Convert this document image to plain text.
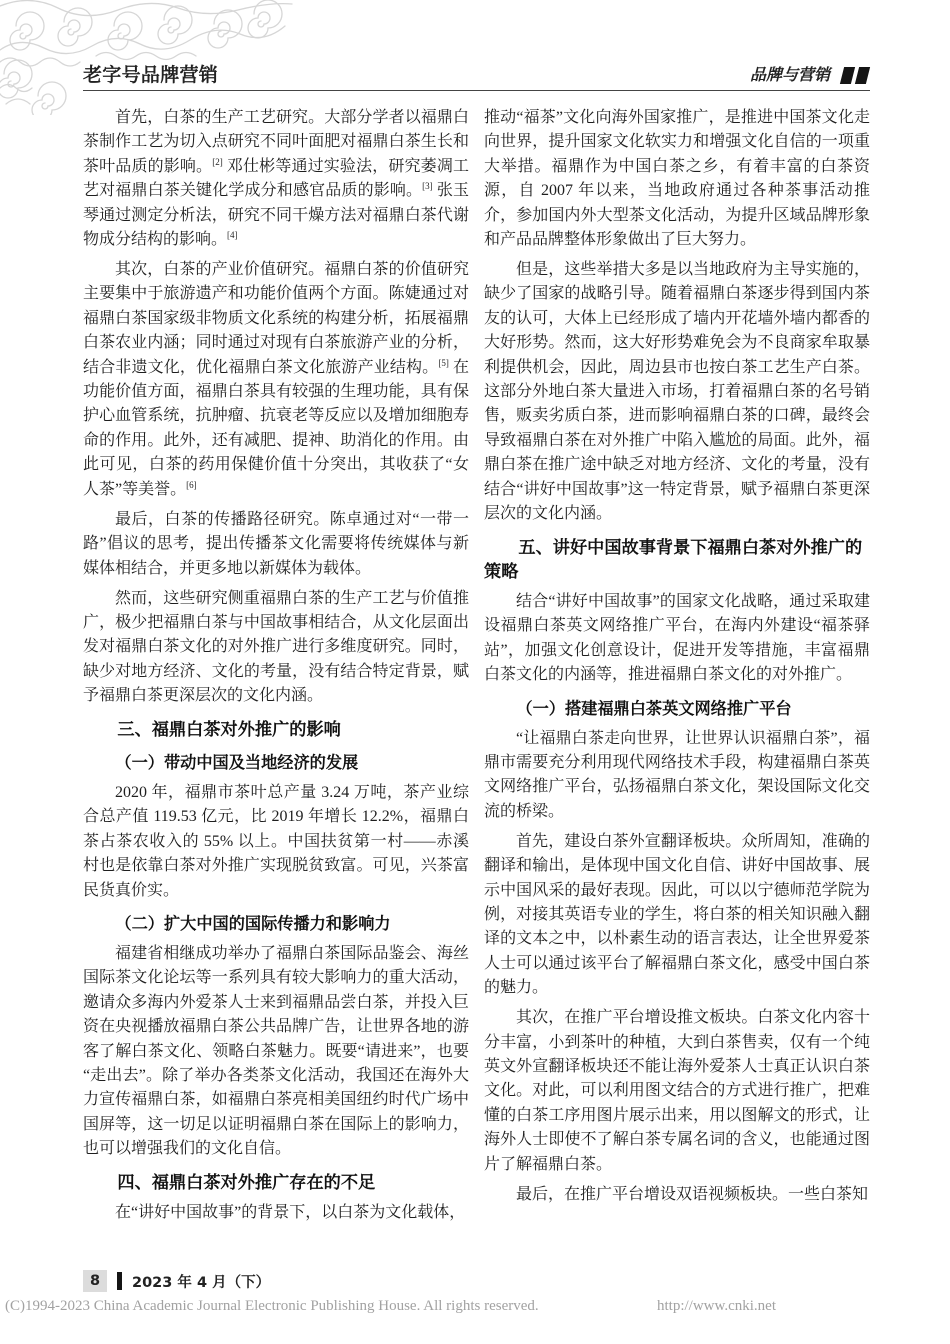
老字号品牌营销	品牌与营销

首先，白茶的生产工艺研究。大部分学者以福鼎白茶制作工艺为切入点研究不同叶面肥对福鼎白茶生长和茶叶品质的影响。[2] 邓仕彬等通过实验法，研究萎凋工艺对福鼎白茶关键化学成分和感官品质的影响。[3] 张玉琴通过测定分析法，研究不同干燥方法对福鼎白茶代谢物成分结构的影响。[4]

其次，白茶的产业价值研究。福鼎白茶的价值研究主要集中于旅游遗产和功能价值两个方面。陈婕通过对福鼎白茶国家级非物质文化系统的构建分析，拓展福鼎白茶农业内涵；同时通过对现有白茶旅游产业的分析，结合非遗文化，优化福鼎白茶文化旅游产业结构。[5] 在功能价值方面，福鼎白茶具有较强的生理功能，具有保护心血管系统，抗肿瘤、抗衰老等反应以及增加细胞寿命的作用。此外，还有减肥、提神、助消化的作用。由此可见，白茶的药用保健价值十分突出，其收获了“女人茶”等美誉。[6]

最后，白茶的传播路径研究。陈卓通过对“一带一路”倡议的思考，提出传播茶文化需要将传统媒体与新媒体相结合，并更多地以新媒体为载体。

然而，这些研究侧重福鼎白茶的生产工艺与价值推广，极少把福鼎白茶与中国故事相结合，从文化层面出发对福鼎白茶文化的对外推广进行多维度研究。同时，缺少对地方经济、文化的考量，没有结合特定背景，赋予福鼎白茶更深层次的文化内涵。

三、福鼎白茶对外推广的影响
（一）带动中国及当地经济的发展

2020 年，福鼎市茶叶总产量 3.24 万吨，茶产业综合总产值 119.53 亿元，比 2019 年增长 12.2%，福鼎白茶占茶农收入的 55% 以上。中国扶贫第一村——赤溪村也是依靠白茶对外推广实现脱贫致富。可见，兴茶富民货真价实。

（二）扩大中国的国际传播力和影响力

福建省相继成功举办了福鼎白茶国际品鉴会、海丝国际茶文化论坛等一系列具有较大影响力的重大活动，邀请众多海内外爱茶人士来到福鼎品尝白茶，并投入巨资在央视播放福鼎白茶公共品牌广告，让世界各地的游客了解白茶文化、领略白茶魅力。既要“请进来”，也要“走出去”。除了举办各类茶文化活动，我国还在海外大力宣传福鼎白茶，如福鼎白茶亮相美国纽约时代广场中国屏等，这一切足以证明福鼎白茶在国际上的影响力，也可以增强我们的文化自信。

四、福鼎白茶对外推广存在的不足

在“讲好中国故事”的背景下，以白茶为文化载体，

推动“福茶”文化向海外国家推广，是推进中国茶文化走向世界，提升国家文化软实力和增强文化自信的一项重大举措。福鼎作为中国白茶之乡，有着丰富的白茶资源，自 2007 年以来，当地政府通过各种茶事活动推介，参加国内外大型茶文化活动，为提升区域品牌形象和产品品牌整体形象做出了巨大努力。

但是，这些举措大多是以当地政府为主导实施的，缺少了国家的战略引导。随着福鼎白茶逐步得到国内茶友的认可，大体上已经形成了墙内开花墙外墙内都香的大好形势。然而，这大好形势难免会为不良商家牟取暴利提供机会，因此，周边县市也按白茶工艺生产白茶。这部分外地白茶大量进入市场，打着福鼎白茶的名号销售，贩卖劣质白茶，进而影响福鼎白茶的口碑，最终会导致福鼎白茶在对外推广中陷入尴尬的局面。此外，福鼎白茶在推广途中缺乏对地方经济、文化的考量，没有结合“讲好中国故事”这一特定背景，赋予福鼎白茶更深层次的文化内涵。

五、讲好中国故事背景下福鼎白茶对外推广的策略

结合“讲好中国故事”的国家文化战略，通过采取建设福鼎白茶英文网络推广平台，在海内外建设“福茶驿站”，加强文化创意设计，促进开发等措施，丰富福鼎白茶文化的内涵等，推进福鼎白茶文化的对外推广。

（一）搭建福鼎白茶英文网络推广平台

“让福鼎白茶走向世界，让世界认识福鼎白茶”，福鼎市需要充分利用现代网络技术手段，构建福鼎白茶英文网络推广平台，弘扬福鼎白茶文化，架设国际文化交流的桥梁。

首先，建设白茶外宣翻译板块。众所周知，准确的翻译和输出，是体现中国文化自信、讲好中国故事、展示中国风采的最好表现。因此，可以以宁德师范学院为例，对接其英语专业的学生，将白茶的相关知识融入翻译的文本之中，以朴素生动的语言表达，让全世界爱茶人士可以通过该平台了解福鼎白茶文化，感受中国白茶的魅力。

其次，在推广平台增设推文板块。白茶文化内容十分丰富，小到茶叶的种植，大到白茶售卖，仅有一个纯英文外宣翻译板块还不能让海外爱茶人士真正认识白茶文化。对此，可以利用图文结合的方式进行推广，把难懂的白茶工序用图片展示出来，用以图解文的形式，让海外人士即使不了解白茶专属名词的含义，也能通过图片了解福鼎白茶。

最后，在推广平台增设双语视频板块。一些白茶知

8	2023 年 4 月（下）
(C)1994-2023 China Academic Journal Electronic Publishing House. All rights reserved.	http://www.cnki.net
